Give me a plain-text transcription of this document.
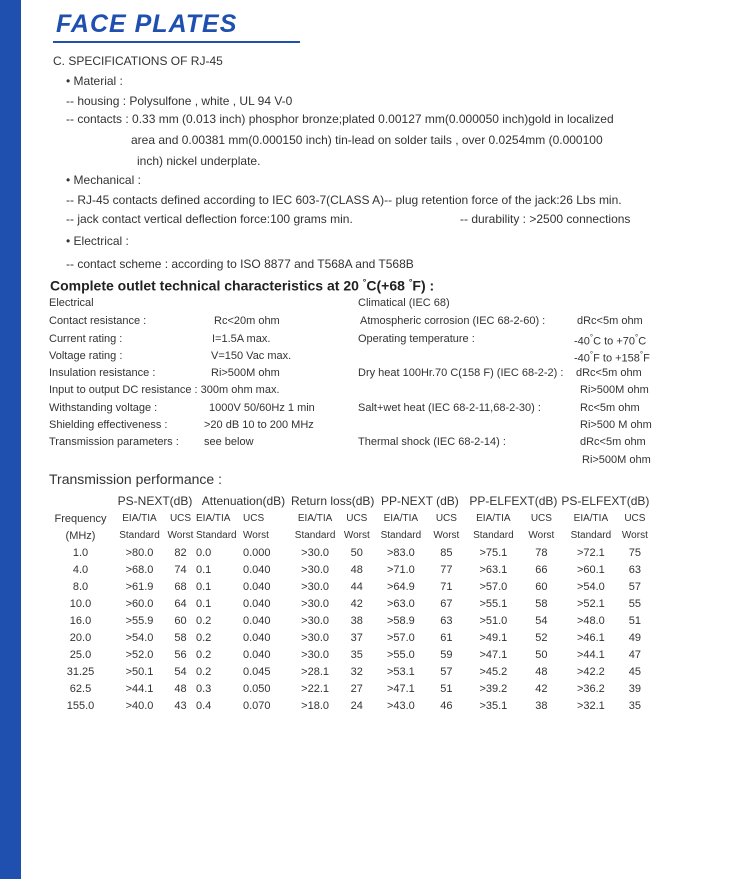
FACE PLATES
C. SPECIFICATIONS OF RJ-45
• Material :
-- housing : Polysulfone , white , UL 94 V-0
-- contacts : 0.33 mm (0.013 inch) phosphor bronze;plated 0.00127 mm(0.000050 inch)gold in localized
area and 0.00381 mm(0.000150 inch) tin-lead on solder tails , over 0.0254mm (0.000100
inch) nickel underplate.
• Mechanical :
-- RJ-45 contacts defined according to IEC 603-7(CLASS A)-- plug retention force of the jack:26 Lbs min.
-- jack contact vertical deflection force:100 grams min.	-- durability : >2500 connections
• Electrical :
-- contact scheme : according to ISO 8877 and T568A and T568B
Complete outlet technical characteristics at 20 °C(+68 °F) :
Electrical	Climatical (IEC 68)
Contact resistance :	Rc<20m ohm
Current rating :	I=1.5A max.
Voltage rating :	V=150 Vac max.
Insulation resistance :	Ri>500M ohm
Input to output DC resistance : 300m ohm max.
Withstanding voltage :	1000V 50/60Hz 1 min
Shielding effectiveness :	>20 dB 10 to 200 MHz
Transmission parameters : see below
Atmospheric corrosion (IEC 68-2-60) :	dRc<5m ohm
Operating temperature :	-40°C to +70°C
-40°F to +158°F
Dry heat 100Hr.70 C(158 F) (IEC 68-2-2) : dRc<5m ohm
Ri>500M ohm
Salt+wet heat (IEC 68-2-11,68-2-30) :	Rc<5m ohm
Ri>500 M ohm
Thermal shock (IEC 68-2-14) :	dRc<5m ohm
Ri>500M ohm
Transmission performance :
	PS-NEXT(dB)		Attenuation(dB)		Return loss(dB)		PP-NEXT (dB)		PP-ELFEXT(dB)		PS-ELFEXT(dB)	
Frequency	EIA/TIA	UCS	EIA/TIA	UCS	EIA/TIA	UCS	EIA/TIA	UCS	EIA/TIA	UCS	EIA/TIA	UCS
(MHz)	Standard	Worst	Standard	Worst	Standard	Worst	Standard	Worst	Standard	Worst	Standard	Worst
1.0	>80.0	82	0.0	0.000	>30.0	50	>83.0	85	>75.1	78	>72.1	75
4.0	>68.0	74	0.1	0.040	>30.0	48	>71.0	77	>63.1	66	>60.1	63
8.0	>61.9	68	0.1	0.040	>30.0	44	>64.9	71	>57.0	60	>54.0	57
10.0	>60.0	64	0.1	0.040	>30.0	42	>63.0	67	>55.1	58	>52.1	55
16.0	>55.9	60	0.2	0.040	>30.0	38	>58.9	63	>51.0	54	>48.0	51
20.0	>54.0	58	0.2	0.040	>30.0	37	>57.0	61	>49.1	52	>46.1	49
25.0	>52.0	56	0.2	0.040	>30.0	35	>55.0	59	>47.1	50	>44.1	47
31.25	>50.1	54	0.2	0.045	>28.1	32	>53.1	57	>45.2	48	>42.2	45
62.5	>44.1	48	0.3	0.050	>22.1	27	>47.1	51	>39.2	42	>36.2	39
155.0	>40.0	43	0.4	0.070	>18.0	24	>43.0	46	>35.1	38	>32.1	35
